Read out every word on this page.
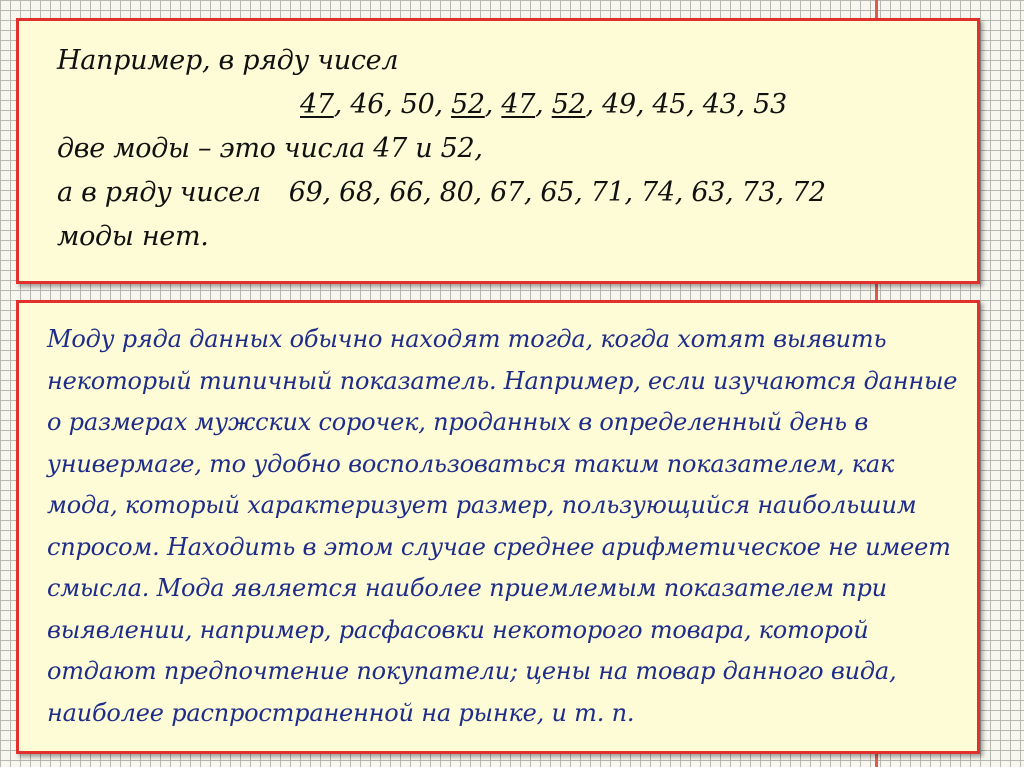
Например, в ряду чисел
47, 46, 50, 52, 47, 52, 49, 45, 43, 53
две моды – это числа 47 и 52,
а в ряду чисел 69, 68, 66, 80, 67, 65, 71, 74, 63, 73, 72
моды нет.
Моду ряда данных обычно находят тогда, когда хотят выявить
некоторый типичный показатель. Например, если изучаются данные
о размерах мужских сорочек, проданных в определенный день в
универмаге, то удобно воспользоваться таким показателем, как
мода, который характеризует размер, пользующийся наибольшим
спросом. Находить в этом случае среднее арифметическое не имеет
смысла. Мода является наиболее приемлемым показателем при
выявлении, например, расфасовки некоторого товара, которой
отдают предпочтение покупатели; цены на товар данного вида,
наиболее распространенной на рынке, и т. п.
